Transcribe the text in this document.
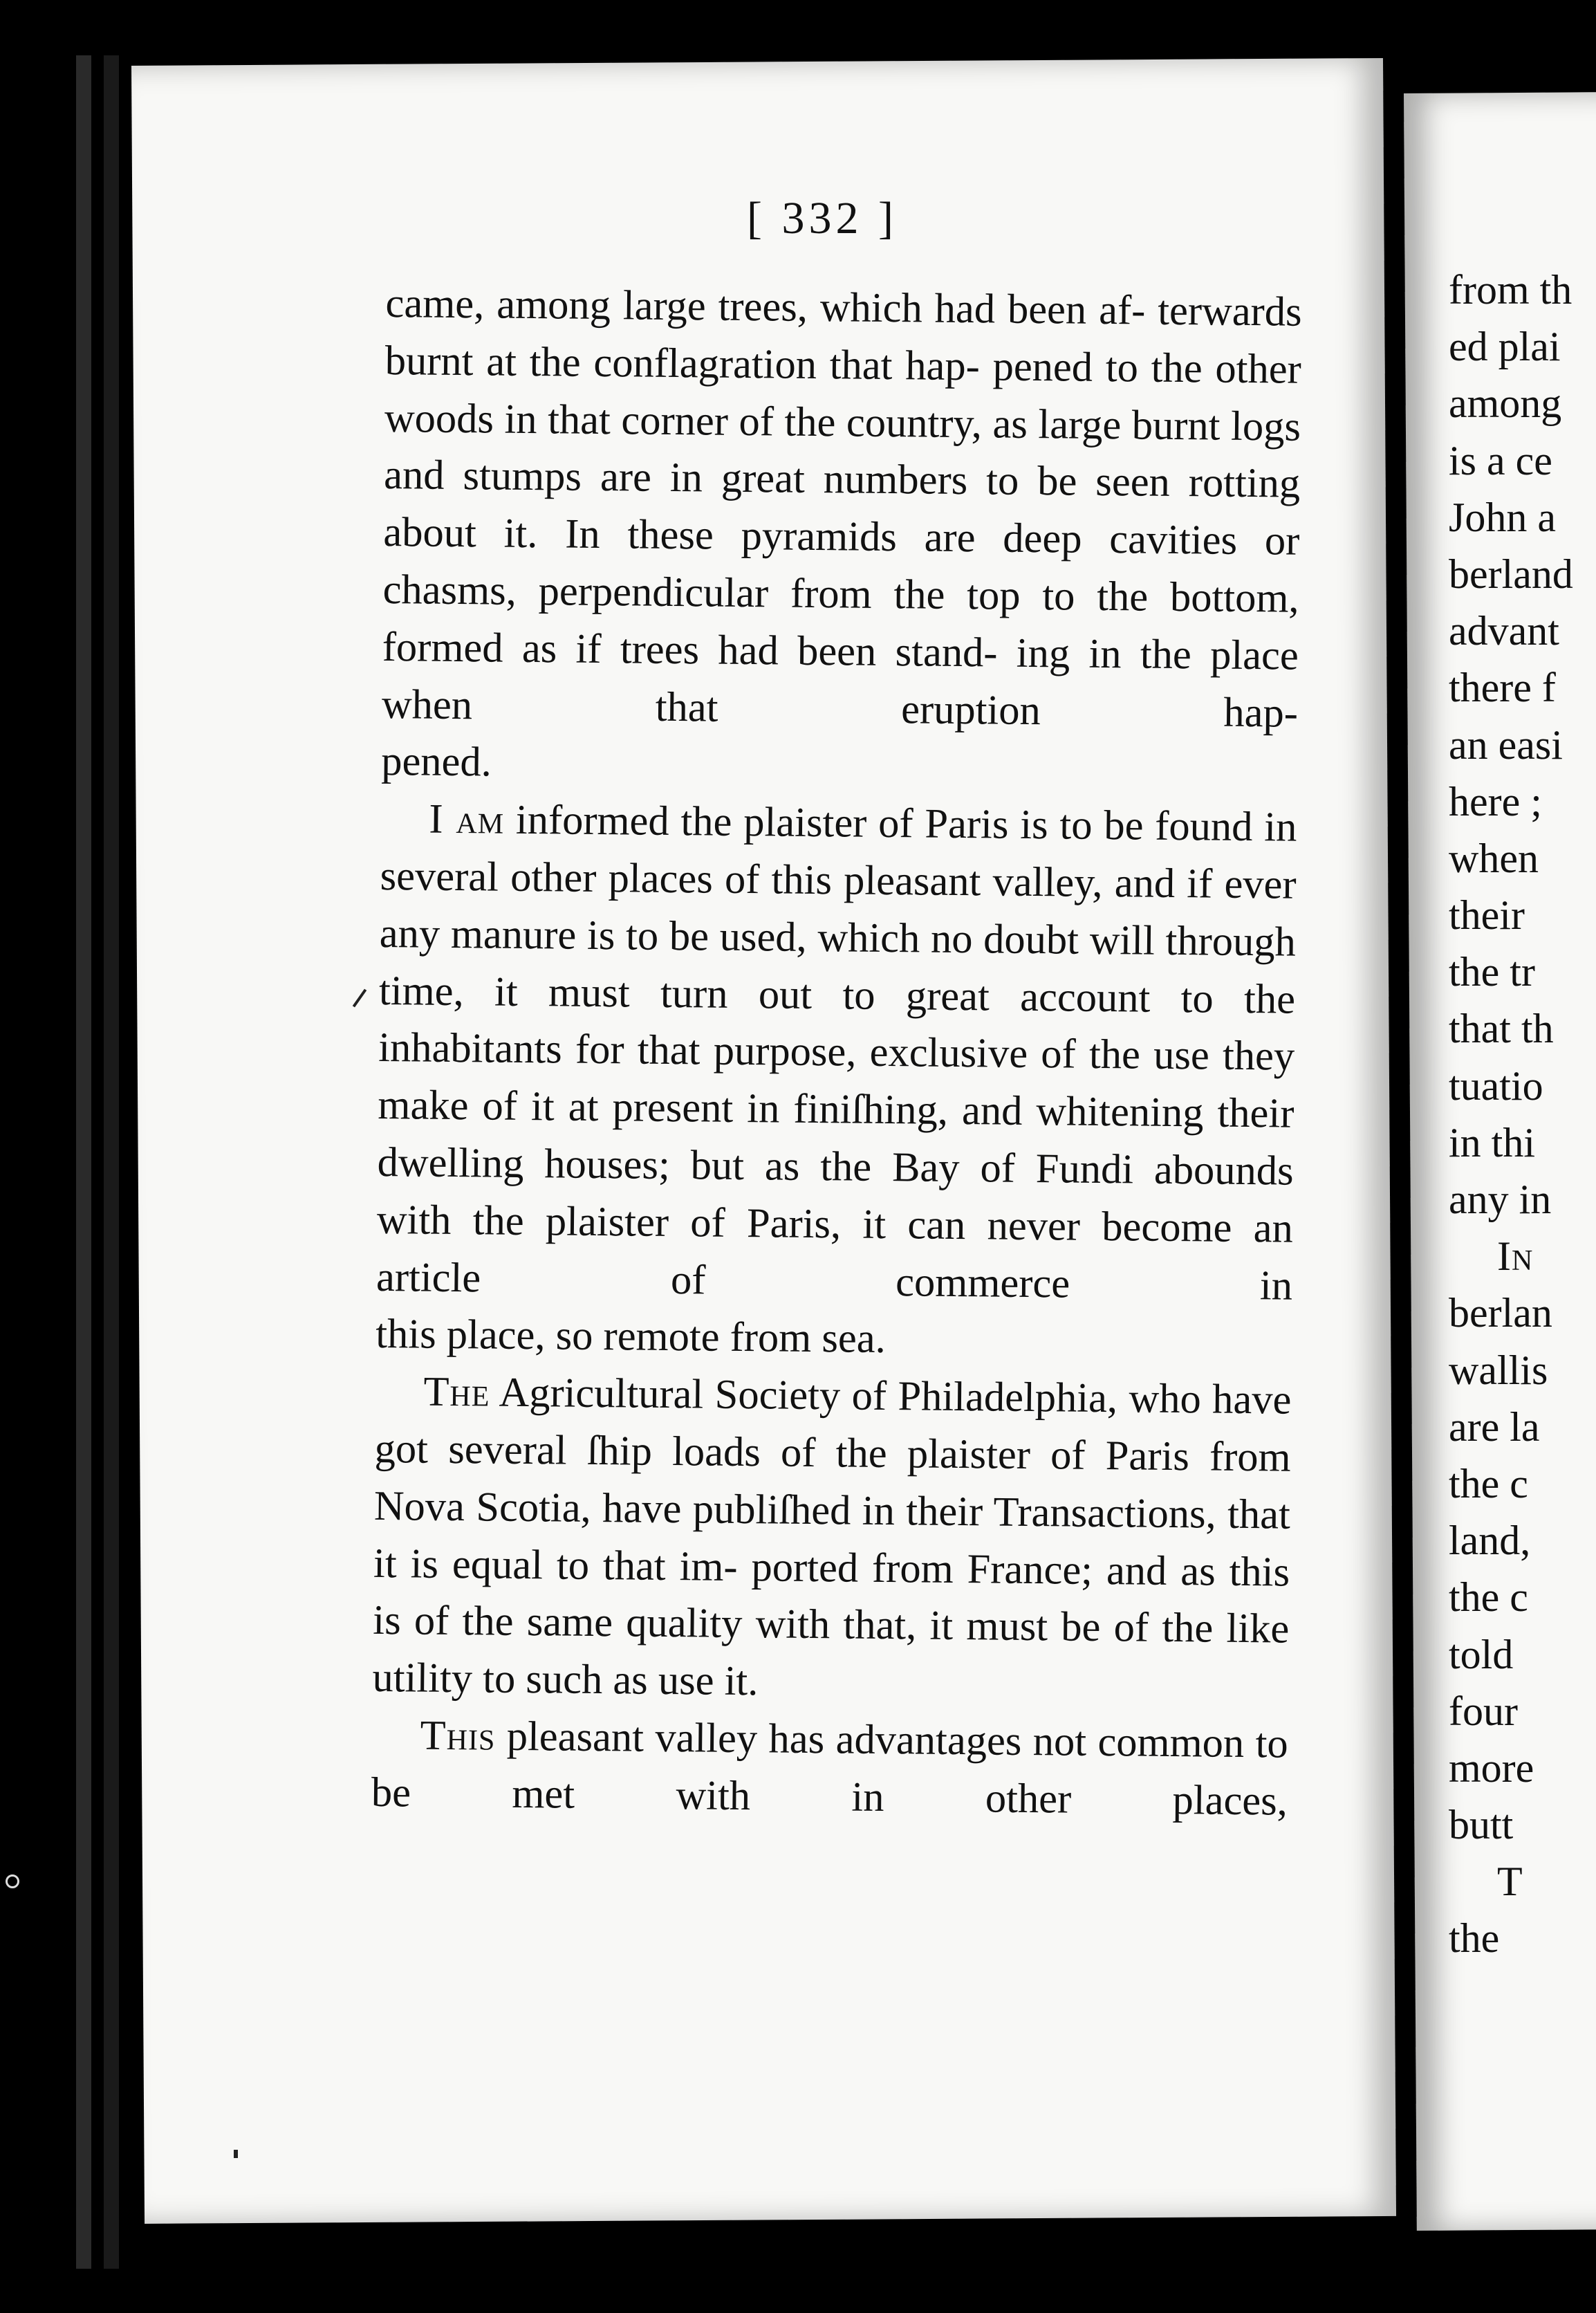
[ 332 ]

came, among large trees, which had been af- terwards burnt at the conflagration that hap- pened to the other woods in that corner of the country, as large burnt logs and stumps are in great numbers to be seen rotting about it. In these pyramids are deep cavities or chasms, perpendicular from the top to the bottom, formed as if trees had been stand- ing in the place when that eruption hap-

pened.

I am informed the plaister of Paris is to be found in several other places of this pleasant valley, and if ever any manure is to be used, which no doubt will through time, it must turn out to great account to the inhabitants for that purpose, exclusive of the use they make of it at present in finiſhing, and whitening their dwelling houses; but as the Bay of Fundi abounds with the plaister of Paris, it can never become an article of commerce in

this place, so remote from sea.

The Agricultural Society of Philadelphia, who have got several ſhip loads of the plaister of Paris from Nova Scotia, have publiſhed in their Transactions, that it is equal to that im- ported from France; and as this is of the same quality with that, it must be of the like

utility to such as use it.

This pleasant valley has advantages not common to be met with in other places,

from th
ed plai
among
is a ce
John a
berland
advant
there f
an easi
here ;
when
their
the tr
that th
tuatio
in thi
any in
In
berlan
wallis
are la
the c
land,
the c
told
four
more
butt
T
the
